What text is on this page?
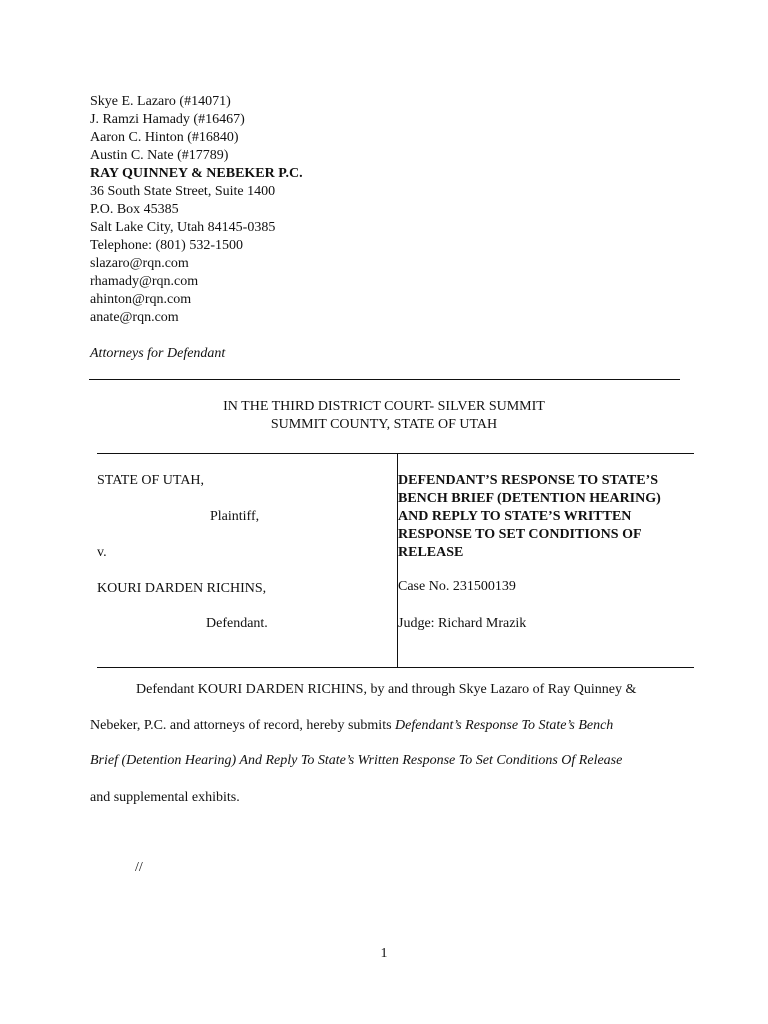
Skye E. Lazaro (#14071)
J. Ramzi Hamady (#16467)
Aaron C. Hinton (#16840)
Austin C. Nate (#17789)
RAY QUINNEY & NEBEKER P.C.
36 South State Street, Suite 1400
P.O. Box 45385
Salt Lake City, Utah 84145-0385
Telephone: (801) 532-1500
slazaro@rqn.com
rhamady@rqn.com
ahinton@rqn.com
anate@rqn.com
Attorneys for Defendant
IN THE THIRD DISTRICT COURT- SILVER SUMMIT
SUMMIT COUNTY, STATE OF UTAH
STATE OF UTAH,
Plaintiff,
v.
KOURI DARDEN RICHINS,
Defendant.
DEFENDANT’S RESPONSE TO STATE’S
BENCH BRIEF (DETENTION HEARING)
AND REPLY TO STATE’S WRITTEN
RESPONSE TO SET CONDITIONS OF
RELEASE
Case No. 231500139
Judge: Richard Mrazik
Defendant KOURI DARDEN RICHINS, by and through Skye Lazaro of Ray Quinney &
Nebeker, P.C. and attorneys of record, hereby submits Defendant’s Response To State’s Bench
Brief (Detention Hearing) And Reply To State’s Written Response To Set Conditions Of Release
and supplemental exhibits.
//
1
